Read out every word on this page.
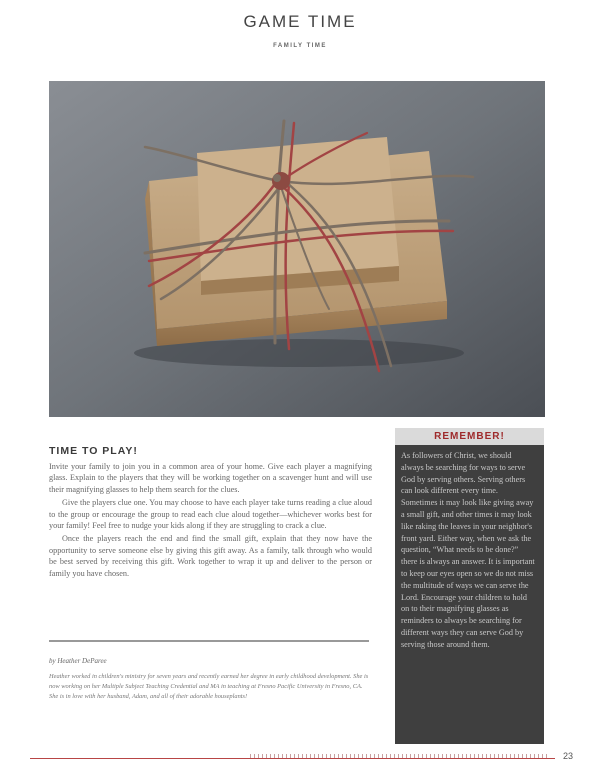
GAME TIME
FAMILY TIME
TIME TO PLAY!

Invite your family to join you in a common area of your home. Give each player a magnifying glass. Explain to the players that they will be working together on a scavenger hunt and will use their magnifying glasses to help them search for the clues.

Give the players clue one. You may choose to have each player take turns reading a clue aloud to the group or encourage the group to read each clue aloud together—whichever works best for your family! Feel free to nudge your kids along if they are struggling to crack a clue.

Once the players reach the end and find the small gift, explain that they now have the opportunity to serve someone else by giving this gift away. As a family, talk through who would be best served by receiving this gift. Work together to wrap it up and deliver to the person or family you have chosen.

by Heather DeParee
Heather worked in children's ministry for seven years and recently earned her degree in early childhood development. She is now working on her Multiple Subject Teaching Credential and MA in teaching at Fresno Pacific University in Fresno, CA. She is in love with her husband, Adam, and all of their adorable houseplants!
REMEMBER!
As followers of Christ, we should always be searching for ways to serve God by serving others. Serving others can look different every time. Sometimes it may look like giving away a small gift, and other times it may look like raking the leaves in your neighbor's front yard. Either way, when we ask the question, “What needs to be done?” there is always an answer. It is important to keep our eyes open so we do not miss the multitude of ways we can serve the Lord. Encourage your children to hold on to their magnifying glasses as reminders to always be searching for different ways they can serve God by serving those around them.
23
